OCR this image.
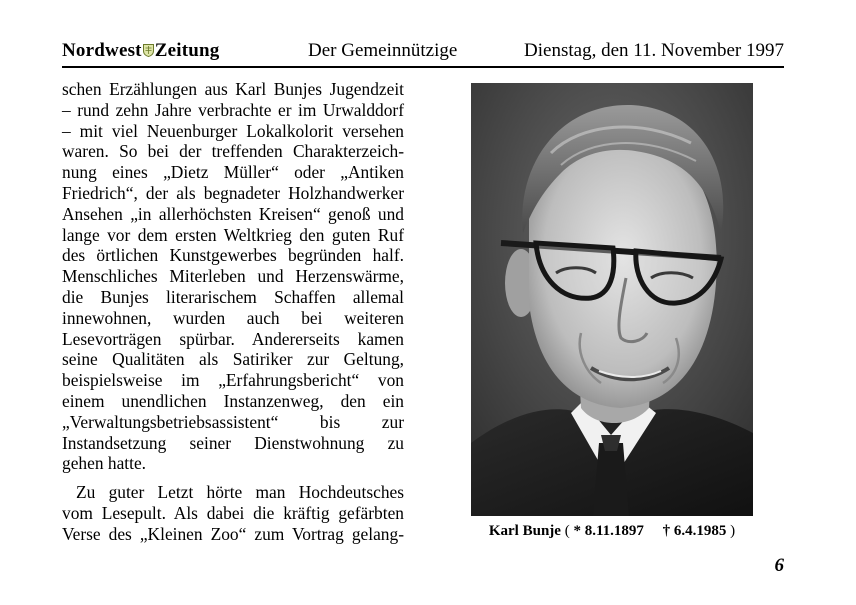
Nordwest Zeitung	Der Gemeinnützige	Dienstag, den 11. November 1997

schen Erzählungen aus Karl Bunjes Jugendzeit
– rund zehn Jahre verbrachte er im Urwalddorf
– mit viel Neuenburger Lokalkolorit versehen
waren. So bei der treffenden Charakterzeich-
nung eines „Dietz Müller“ oder „Antiken
Friedrich“, der als begnadeter Holzhandwerker
Ansehen „in allerhöchsten Kreisen“ genoß und
lange vor dem ersten Weltkrieg den guten Ruf
des örtlichen Kunstgewerbes begründen half.
Menschliches Miterleben und Herzenswärme,
die Bunjes literarischem Schaffen allemal
innewohnen, wurden auch bei weiteren
Lesevorträgen spürbar. Andererseits kamen
seine Qualitäten als Satiriker zur Geltung,
beispielsweise im „Erfahrungsbericht“ von
einem unendlichen Instanzenweg, den ein
„Verwaltungsbetriebsassistent“ bis zur
Instandsetzung seiner Dienstwohnung zu
gehen hatte.

Zu guter Letzt hörte man Hochdeutsches
vom Lesepult. Als dabei die kräftig gefärbten
Verse des „Kleinen Zoo“ zum Vortrag gelang-	Karl Bunje ( * 8.11.1897 † 6.4.1985 )
6
